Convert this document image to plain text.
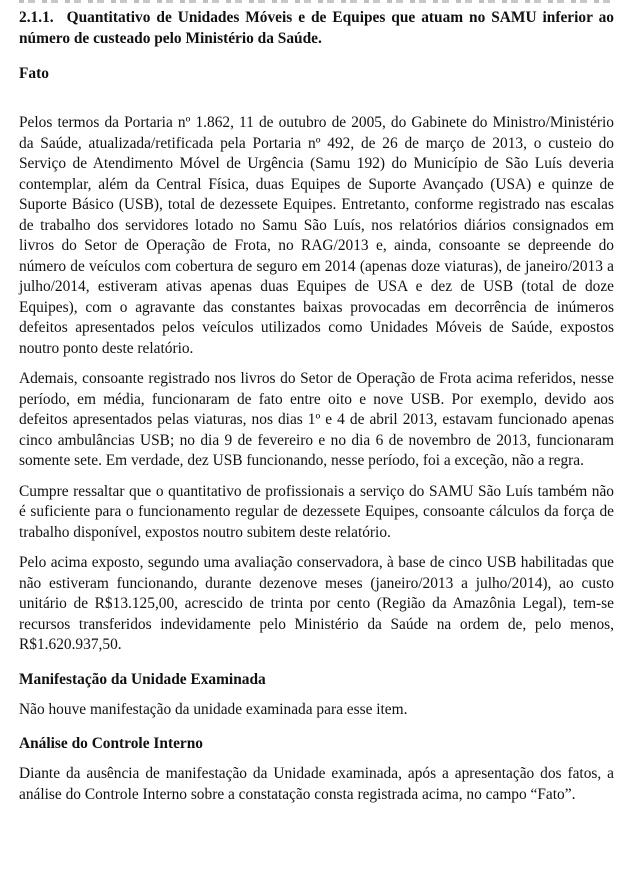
2.1.1. Quantitativo de Unidades Móveis e de Equipes que atuam no SAMU inferior ao número de custeado pelo Ministério da Saúde.
Fato

Pelos termos da Portaria nº 1.862, 11 de outubro de 2005, do Gabinete do Ministro/Ministério da Saúde, atualizada/retificada pela Portaria nº 492, de 26 de março de 2013, o custeio do Serviço de Atendimento Móvel de Urgência (Samu 192) do Município de São Luís deveria contemplar, além da Central Física, duas Equipes de Suporte Avançado (USA) e quinze de Suporte Básico (USB), total de dezessete Equipes. Entretanto, conforme registrado nas escalas de trabalho dos servidores lotado no Samu São Luís, nos relatórios diários consignados em livros do Setor de Operação de Frota, no RAG/2013 e, ainda, consoante se depreende do número de veículos com cobertura de seguro em 2014 (apenas doze viaturas), de janeiro/2013 a julho/2014, estiveram ativas apenas duas Equipes de USA e dez de USB (total de doze Equipes), com o agravante das constantes baixas provocadas em decorrência de inúmeros defeitos apresentados pelos veículos utilizados como Unidades Móveis de Saúde, expostos noutro ponto deste relatório.

Ademais, consoante registrado nos livros do Setor de Operação de Frota acima referidos, nesse período, em média, funcionaram de fato entre oito e nove USB. Por exemplo, devido aos defeitos apresentados pelas viaturas, nos dias 1º e 4 de abril 2013, estavam funcionado apenas cinco ambulâncias USB; no dia 9 de fevereiro e no dia 6 de novembro de 2013, funcionaram somente sete. Em verdade, dez USB funcionando, nesse período, foi a exceção, não a regra.

Cumpre ressaltar que o quantitativo de profissionais a serviço do SAMU São Luís também não é suficiente para o funcionamento regular de dezessete Equipes, consoante cálculos da força de trabalho disponível, expostos noutro subitem deste relatório.

Pelo acima exposto, segundo uma avaliação conservadora, à base de cinco USB habilitadas que não estiveram funcionando, durante dezenove meses (janeiro/2013 a julho/2014), ao custo unitário de R$13.125,00, acrescido de trinta por cento (Região da Amazônia Legal), tem-se recursos transferidos indevidamente pelo Ministério da Saúde na ordem de, pelo menos, R$1.620.937,50.

Manifestação da Unidade Examinada

Não houve manifestação da unidade examinada para esse item.

Análise do Controle Interno

Diante da ausência de manifestação da Unidade examinada, após a apresentação dos fatos, a análise do Controle Interno sobre a constatação consta registrada acima, no campo “Fato”.
